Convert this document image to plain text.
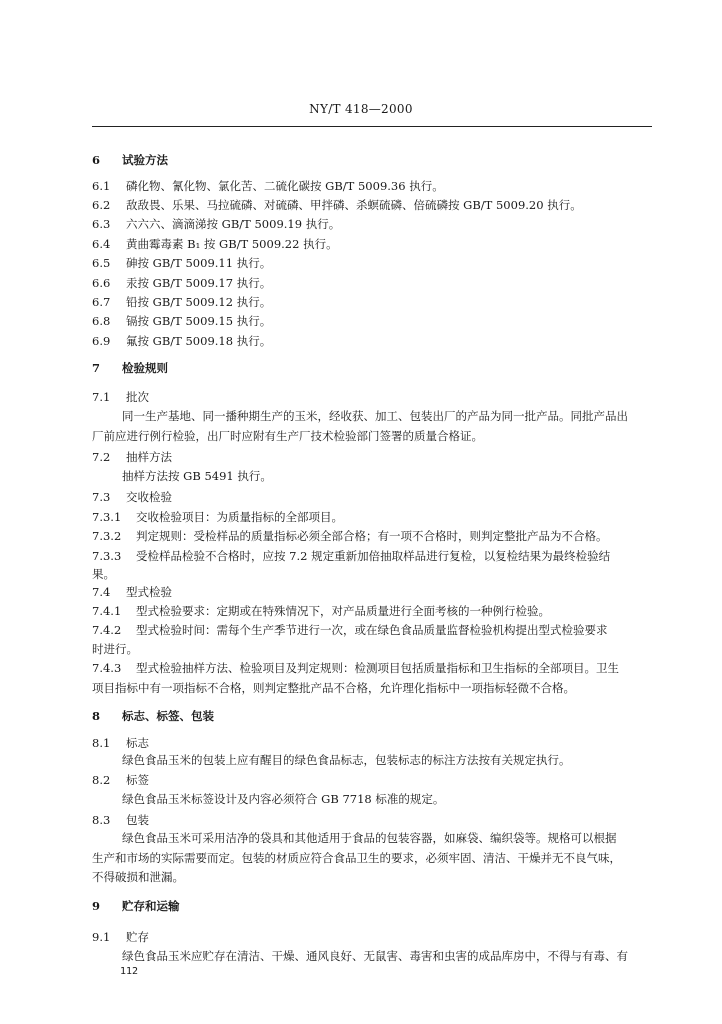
NY/T 418—2000
6 试验方法
6.1 磷化物、氰化物、氯化苦、二硫化碳按 GB/T 5009.36 执行。
6.2 敌敌畏、乐果、马拉硫磷、对硫磷、甲拌磷、杀螟硫磷、倍硫磷按 GB/T 5009.20 执行。
6.3 六六六、滴滴涕按 GB/T 5009.19 执行。
6.4 黄曲霉毒素 B₁ 按 GB/T 5009.22 执行。
6.5 砷按 GB/T 5009.11 执行。
6.6 汞按 GB/T 5009.17 执行。
6.7 铅按 GB/T 5009.12 执行。
6.8 镉按 GB/T 5009.15 执行。
6.9 氟按 GB/T 5009.18 执行。
7 检验规则
7.1 批次
同一生产基地、同一播种期生产的玉米，经收获、加工、包装出厂的产品为同一批产品。同批产品出
厂前应进行例行检验，出厂时应附有生产厂技术检验部门签署的质量合格证。
7.2 抽样方法
抽样方法按 GB 5491 执行。
7.3 交收检验
7.3.1 交收检验项目：为质量指标的全部项目。
7.3.2 判定规则：受检样品的质量指标必须全部合格；有一项不合格时，则判定整批产品为不合格。
7.3.3 受检样品检验不合格时，应按 7.2 规定重新加倍抽取样品进行复检，以复检结果为最终检验结
果。
7.4 型式检验
7.4.1 型式检验要求：定期或在特殊情况下，对产品质量进行全面考核的一种例行检验。
7.4.2 型式检验时间：需每个生产季节进行一次，或在绿色食品质量监督检验机构提出型式检验要求
时进行。
7.4.3 型式检验抽样方法、检验项目及判定规则：检测项目包括质量指标和卫生指标的全部项目。卫生
项目指标中有一项指标不合格，则判定整批产品不合格，允许理化指标中一项指标轻微不合格。
8 标志、标签、包装
8.1 标志
绿色食品玉米的包装上应有醒目的绿色食品标志，包装标志的标注方法按有关规定执行。
8.2 标签
绿色食品玉米标签设计及内容必须符合 GB 7718 标准的规定。
8.3 包装
绿色食品玉米可采用洁净的袋具和其他适用于食品的包装容器，如麻袋、编织袋等。规格可以根据
生产和市场的实际需要而定。包装的材质应符合食品卫生的要求，必须牢固、清洁、干燥并无不良气味，
不得破损和泄漏。
9 贮存和运输
9.1 贮存
绿色食品玉米应贮存在清洁、干燥、通风良好、无鼠害、毒害和虫害的成品库房中，不得与有毒、有
112
